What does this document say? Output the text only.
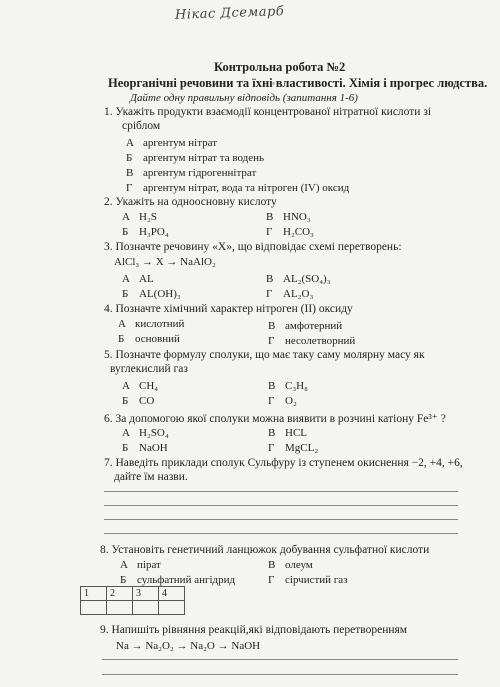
Нікас Дсемарб
Контрольна робота №2
Неорганічні речовини та їхні властивості. Хімія і прогрес людства.
Дайте одну правильну відповідь (запитання 1-6)
1. Укажіть продукти взаємодії концентрованої нітратної кислоти зі
сріблом
А аргентум нітрат
Б аргентум нітрат та водень
В аргентум гідрогеннітрат
Г аргентум нітрат, вода та нітроген (IV) оксид
2. Укажіть на одноосновну кислоту
А H₂S
Б H₃PO₄
В HNO₃
Г H₂CO₃
3. Позначте речовину «Х», що відповідає схемі перетворень:
AlCl₃ → X → NaAlO₂
А AL
Б AL(OH)₃
В AL₂(SO₄)₃
Г AL₂O₃
4. Позначте хімічний характер нітроген (ІІ) оксиду
А кислотний
Б основний
В амфотерний
Г несолетворний
5. Позначте формулу сполуки, що має таку саму молярну масу як
вуглекислий газ
А CH₄
Б CO
В C₃H₈
Г O₂
6. За допомогою якої сполуки можна виявити в розчині катіону Fe³⁺ ?
А H₂SO₄
Б NaOH
В HCL
Г MgCL₂
7. Наведіть приклади сполук Сульфуру із ступенем окиснення −2, +4, +6,
дайте їм назви.
8. Установіть генетичний ланцюжок добування сульфатної кислоти
А пірат
Б сульфатний ангідрид
В олеум
Г сірчистий газ
1	2	3	4

9. Напишіть рівняння реакцій,які відповідають перетворенням
Na → Na₂O₂ → Na₂O → NaOH
